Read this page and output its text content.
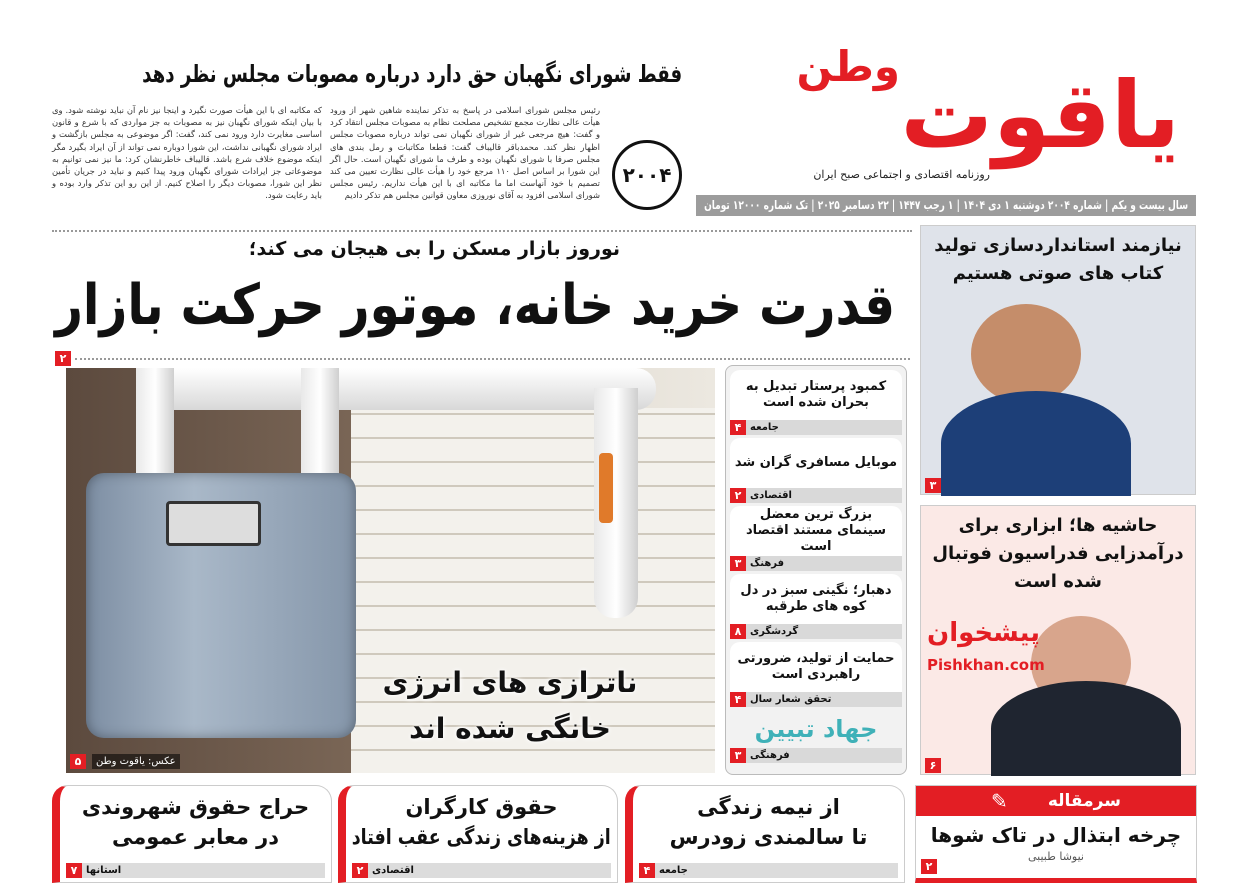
وطن یاقوت
روزنامه اقتصادی و اجتماعی صبح ایران
سال بیست و یکم | شماره ۲۰۰۴ دوشنبه ۱ دی ۱۴۰۴ | ۱ رجب ۱۴۴۷ | ۲۲ دسامبر ۲۰۲۵ | تک شماره ۱۲۰۰۰ تومان
۲۰۰۴
فقط شورای نگهبان حق دارد درباره مصوبات مجلس نظر دهد
رئیس مجلس شورای اسلامی در پاسخ به تذکر نماینده شاهین شهر از ورود هیأت عالی نظارت مجمع تشخیص مصلحت نظام به مصوبات مجلس انتقاد کرد و گفت: هیچ مرجعی غیر از شورای نگهبان نمی تواند درباره مصوبات مجلس اظهار نظر کند. محمدباقر قالیباف گفت: قطعا مکاتبات و رمل بندی های مجلس صرفا با شورای نگهبان بوده و طرف ما شورای نگهبان است. حال اگر این شورا بر اساس اصل ۱۱۰ مرجع خود را هیأت عالی نظارت تعیین می کند تصمیم با خود آنهاست اما ما مکاتبه ای با این هیأت نداریم. رئیس مجلس شورای اسلامی افزود به آقای نوروزی معاون قوانین مجلس هم تذکر دادیم
که مکاتبه ای با این هیأت صورت نگیرد و اینجا نیز نام آن نباید نوشته شود. وی با بیان اینکه شورای نگهبان نیز به مصوبات به جز مواردی که با شرع و قانون اساسی مغایرت دارد ورود نمی کند، گفت: اگر موضوعی به مجلس بازگشت و ایراد شورای نگهبانی نداشت، این شورا دوباره نمی تواند از آن ایراد بگیرد مگر اینکه موضوع خلاف شرع باشد. قالیباف خاطرنشان کرد: ما نیز نمی توانیم به موضوعاتی جز ایرادات شورای نگهبان ورود پیدا کنیم و نباید در جریان تأمین نظر این شورا، مصوبات دیگر را اصلاح کنیم. از این رو این تذکر وارد بوده و باید رعایت شود.
نوروز بازار مسکن را بی هیجان می کند؛
قدرت خرید خانه، موتور حرکت بازار
۲
ناترازی های انرژی
خانگی شده اند
عکس: یاقوت وطن
۵
کمبود پرستار تبدیل به بحران شده است
جامعه
۴
موبایل مسافری گران شد
اقتصادی
۲
بزرگ ترین معضل سینمای مستند اقتصاد است
فرهنگ
۳
دهبار؛ نگینی سبز در دل کوه های طرقبه
گردشگری
۸
حمایت از تولید، ضرورتی راهبردی است
تحقق شعار سال
۴
جهاد تبیین
فرهنگی
۳
نیازمند استانداردسازی تولید کتاب های صوتی هستیم
۳
حاشیه ها؛ ابزاری برای درآمدزایی فدراسیون فوتبال شده است
پیشخوان
Pishkhan.com
۶
حراج حقوق شهروندی
در معابر عمومی
۷ استانها
حقوق کارگران
از هزینه‌های زندگی عقب افتاد
۲ اقتصادی
از نیمه زندگی
تا سالمندی زودرس
۴ جامعه
سرمقاله
✎
چرخه ابتذال در تاک شوها
نیوشا طبیبی
۲
